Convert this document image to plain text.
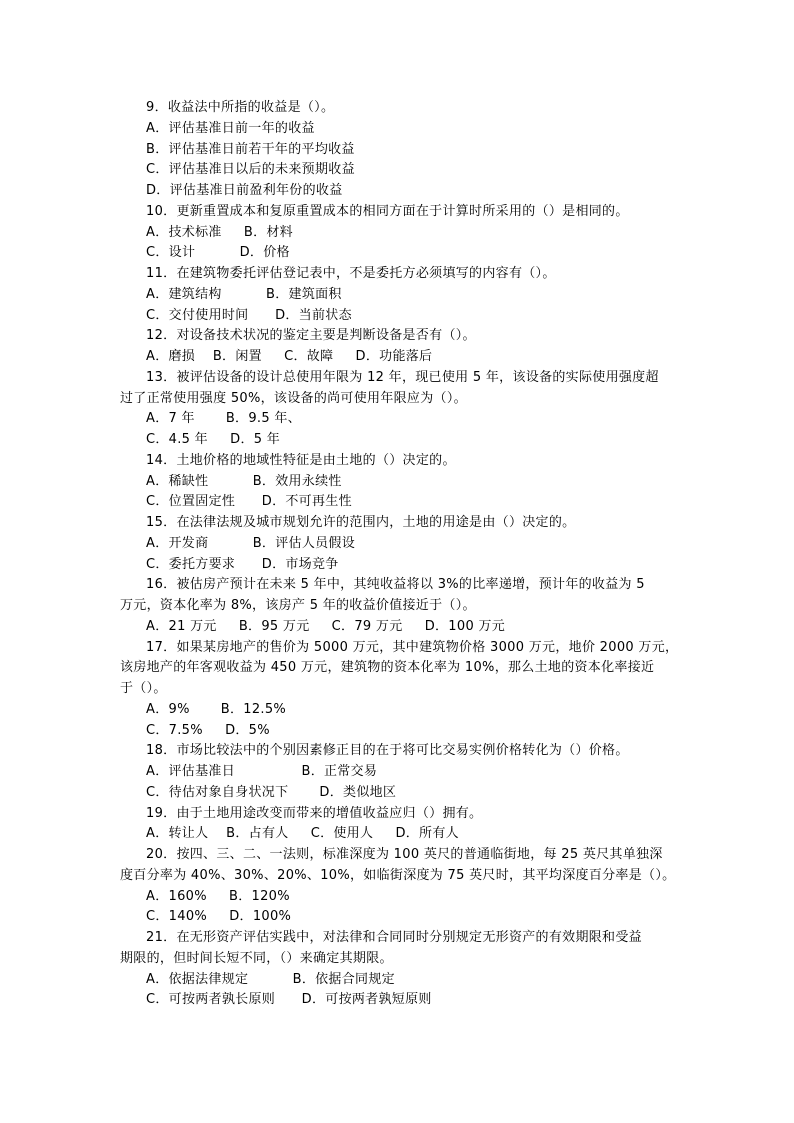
9．收益法中所指的收益是（）。
A．评估基准日前一年的收益
B．评估基准日前若干年的平均收益
C．评估基准日以后的未来预期收益
D．评估基准日前盈利年份的收益
10．更新重置成本和复原重置成本的相同方面在于计算时所采用的（）是相同的。
A．技术标准     B．材料
C．设计          D．价格
11．在建筑物委托评估登记表中，不是委托方必须填写的内容有（）。
A．建筑结构          B．建筑面积
C．交付使用时间      D．当前状态
12．对设备技术状况的鉴定主要是判断设备是否有（）。
A．磨损    B．闲置     C．故障     D．功能落后
13．被评估设备的设计总使用年限为 12 年，现已使用 5 年，该设备的实际使用强度超
过了正常使用强度 50%，该设备的尚可使用年限应为（）。
A．7 年       B．9.5 年、
C．4.5 年     D．5 年
14．土地价格的地域性特征是由土地的（）决定的。
A．稀缺性          B．效用永续性
C．位置固定性      D．不可再生性
15．在法律法规及城市规划允许的范围内，土地的用途是由（）决定的。
A．开发商          B．评估人员假设
C．委托方要求      D．市场竞争
16．被估房产预计在未来 5 年中，其纯收益将以 3%的比率递增，预计年的收益为 5
万元，资本化率为 8%，该房产 5 年的收益价值接近于（）。
A．21 万元     B．95 万元     C．79 万元     D．100 万元
17．如果某房地产的售价为 5000 万元，其中建筑物价格 3000 万元，地价 2000 万元，
该房地产的年客观收益为 450 万元，建筑物的资本化率为 10%，那么土地的资本化率接近
于（）。
A．9%       B．12.5%
C．7.5%     D．5%
18．市场比较法中的个别因素修正目的在于将可比交易实例价格转化为（）价格。
A．评估基准日               B．正常交易
C．待估对象自身状况下       D．类似地区
19．由于土地用途改变而带来的增值收益应归（）拥有。
A．转让人    B．占有人     C．使用人     D．所有人
20．按四、三、二、一法则，标准深度为 100 英尺的普通临街地，每 25 英尺其单独深
度百分率为 40%、30%、20%、10%，如临街深度为 75 英尺时，其平均深度百分率是（）。
A．160%     B．120%
C．140%     D．100%
21．在无形资产评估实践中，对法律和合同同时分别规定无形资产的有效期限和受益
期限的，但时间长短不同，（）来确定其期限。
A．依据法律规定          B．依据合同规定
C．可按两者孰长原则      D．可按两者孰短原则
